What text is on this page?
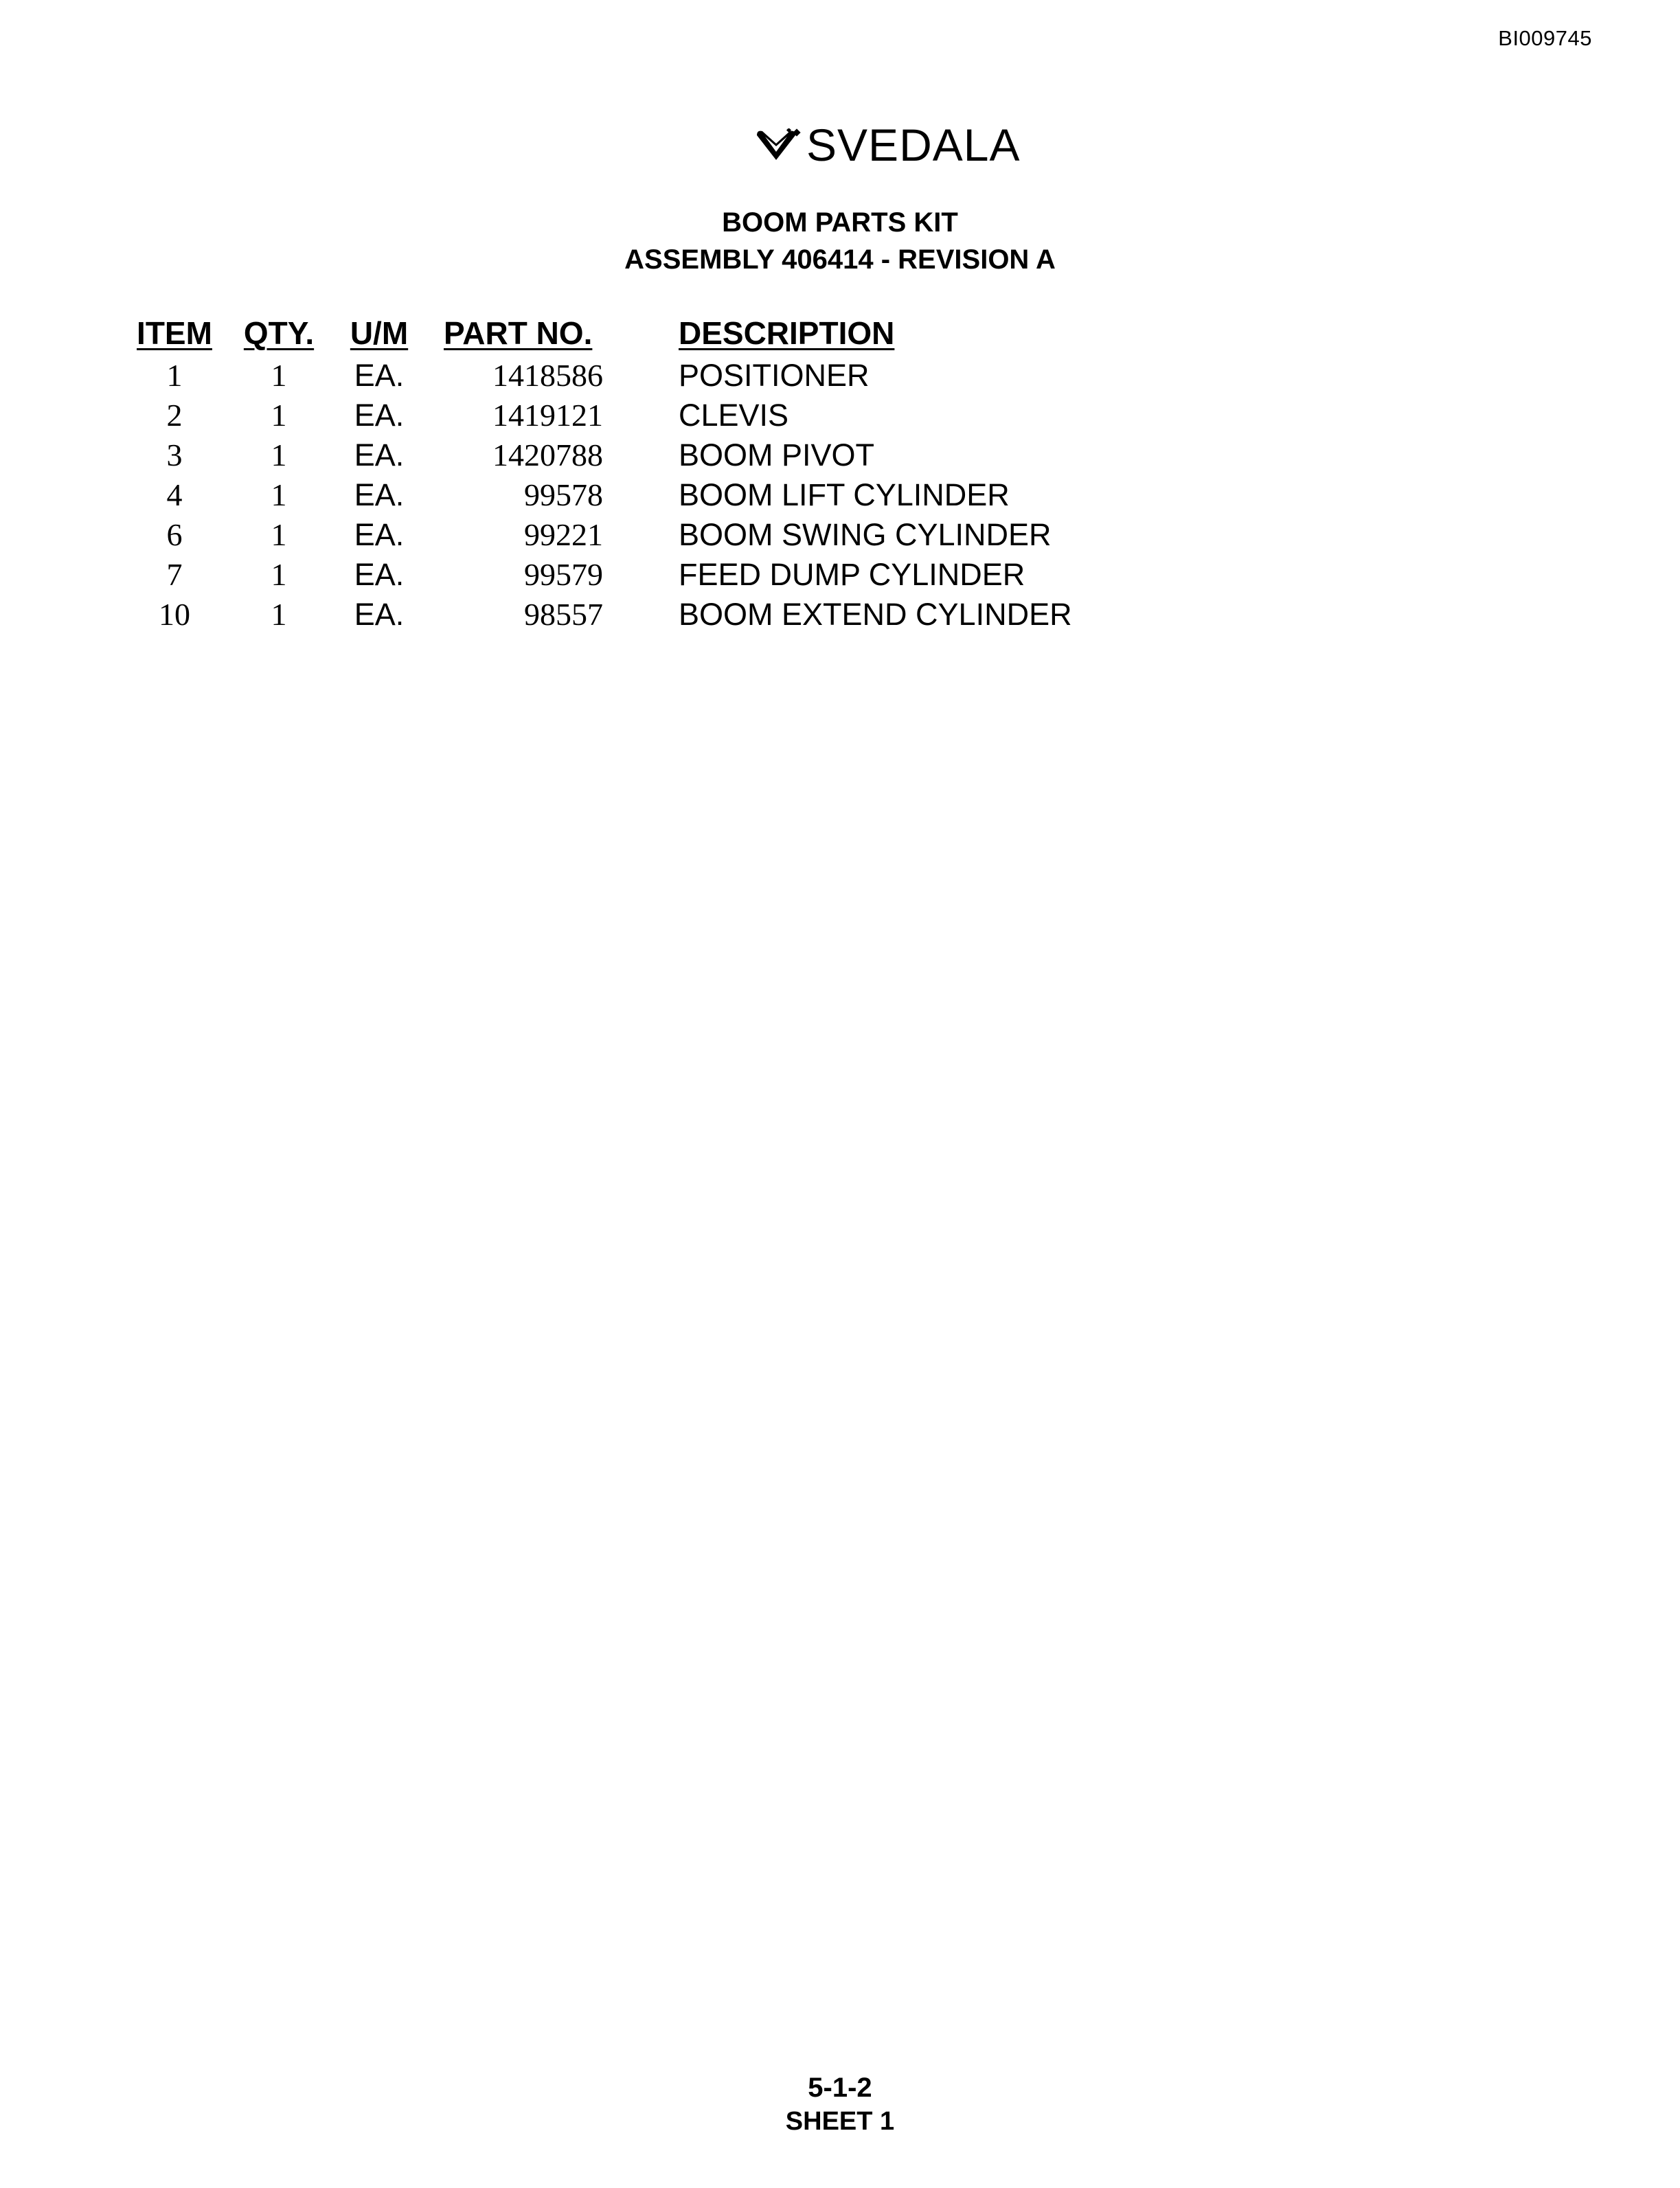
BI009745
SVEDALA
BOOM PARTS KIT
ASSEMBLY 406414 - REVISION A
ITEM QTY.	U/M	PART NO.	DESCRIPTION
1	1	EA.	1418586 POSITIONER
2	1	EA.	1419121 CLEVIS
3	1	EA.	1420788 BOOM PIVOT
4	1	EA.	99578 BOOM LIFT CYLINDER
6	1	EA.	99221 BOOM SWING CYLINDER
7	1	EA.	99579 FEED DUMP CYLINDER
10	1	EA.	98557 BOOM EXTEND CYLINDER
5-1-2
SHEET 1
